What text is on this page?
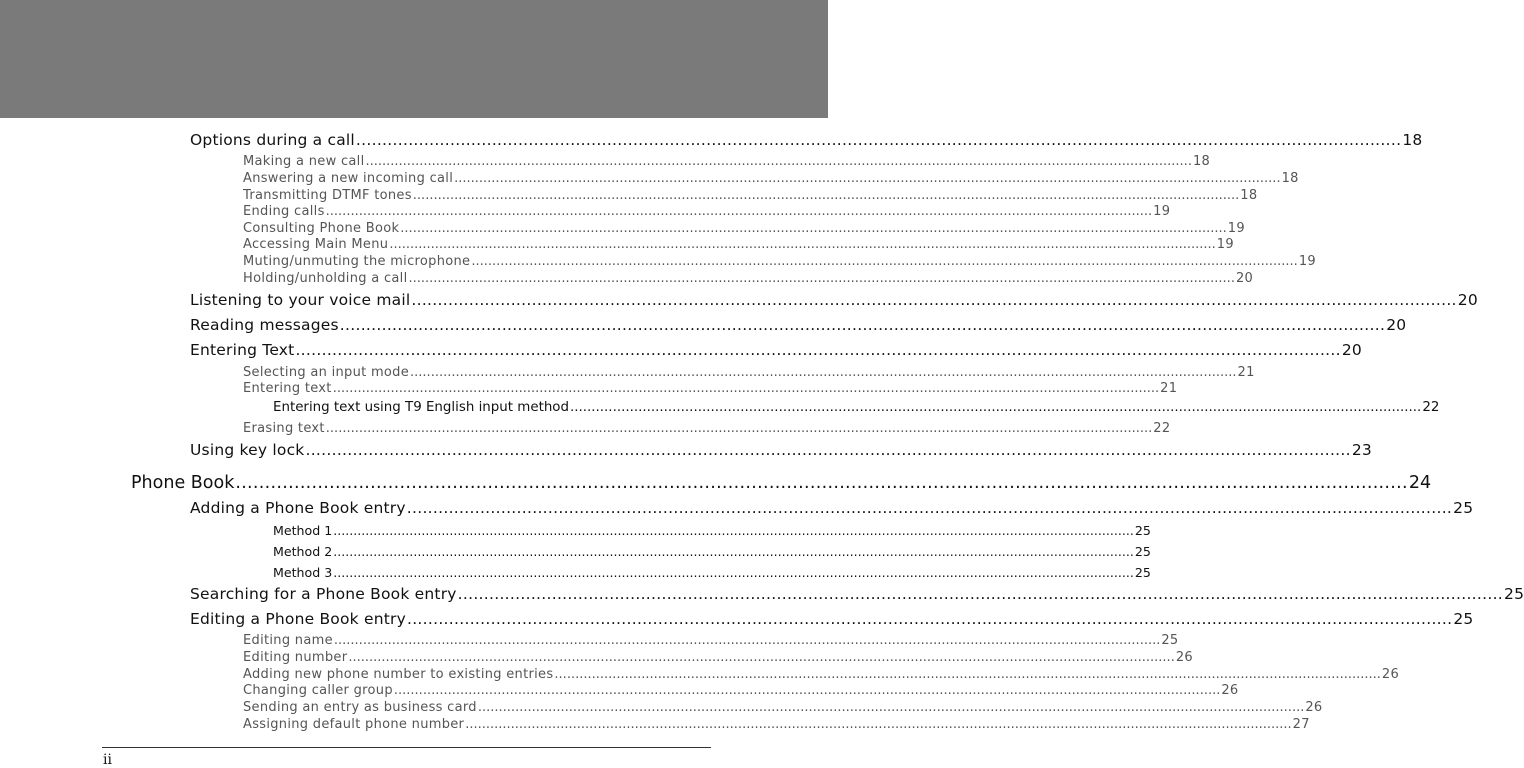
Options during a call ........................................................................................................................................................................................................ 18
Making a new call ........................................................................................................................................................................................................ 18
Answering a new incoming call ........................................................................................................................................................................................................ 18
Transmitting DTMF tones ........................................................................................................................................................................................................ 18
Ending calls ........................................................................................................................................................................................................ 19
Consulting Phone Book ........................................................................................................................................................................................................ 19
Accessing Main Menu ........................................................................................................................................................................................................ 19
Muting/unmuting the microphone ........................................................................................................................................................................................................ 19
Holding/unholding a call ........................................................................................................................................................................................................ 20
Listening to your voice mail ........................................................................................................................................................................................................ 20
Reading messages ........................................................................................................................................................................................................ 20
Entering Text ........................................................................................................................................................................................................ 20
Selecting an input mode ........................................................................................................................................................................................................ 21
Entering text ........................................................................................................................................................................................................ 21
Entering text using T9 English input method ........................................................................................................................................................................................................ 22
Erasing text ........................................................................................................................................................................................................ 22
Using key lock ........................................................................................................................................................................................................ 23
Phone Book ........................................................................................................................................................................................................ 24
Adding a Phone Book entry ........................................................................................................................................................................................................ 25
Method 1 ........................................................................................................................................................................................................ 25
Method 2 ........................................................................................................................................................................................................ 25
Method 3 ........................................................................................................................................................................................................ 25
Searching for a Phone Book entry ........................................................................................................................................................................................................ 25
Editing a Phone Book entry ........................................................................................................................................................................................................ 25
Editing name ........................................................................................................................................................................................................ 25
Editing number ........................................................................................................................................................................................................ 26
Adding new phone number to existing entries ........................................................................................................................................................................................................ 26
Changing caller group ........................................................................................................................................................................................................ 26
Sending an entry as business card ........................................................................................................................................................................................................ 26
Assigning default phone number ........................................................................................................................................................................................................ 27
ii
